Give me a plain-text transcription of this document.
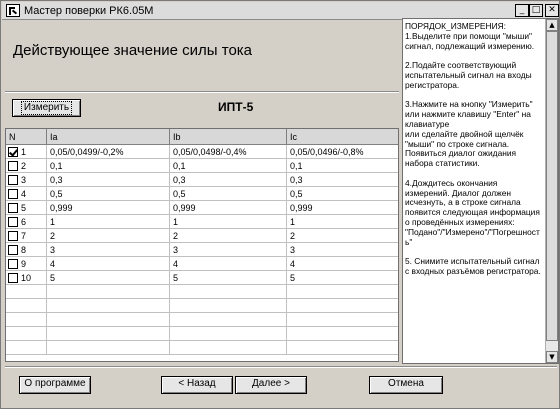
Мастер поверки РК6.05М	_ □ ✕
Действующее значение силы тока
Измерить	ИПТ-5
N	Ia	Ib	Ic
1	0,05/0,0499/-0,2%	0,05/0,0498/-0,4%	0,05/0,0496/-0,8%
2	0,1	0,1	0,1
3	0,3	0,3	0,3
4	0,5	0,5	0,5
5	0,999	0,999	0,999
6	1	1	1
7	2	2	2
8	3	3	3
9	4	4	4
10	5	5	5
ПОРЯДОК_ИЗМЕРЕНИЯ:
1.Выделите при помощи "мыши" сигнал, подлежащий измерению.

2.Подайте соответствующий испытательный сигнал на входы регистратора.

3.Нажмите на кнопку "Измерить"
или нажмите клавишу "Enter" на клавиатуре
или сделайте двойной щелчёк "мыши" по строке сигнала. Появиться диалог ожидания набора статистики.

4.Дождитесь окончания измерений. Диалог должен исчезнуть, а в строке сигнала появится следующая информация о проведённых измерениях:
"Подано"/"Измерено"/"Погрешность"

5. Снимите испытательный сигнал с входных разъёмов регистратора.
▲
▼
О программе	< Назад	Далее >	Отмена
